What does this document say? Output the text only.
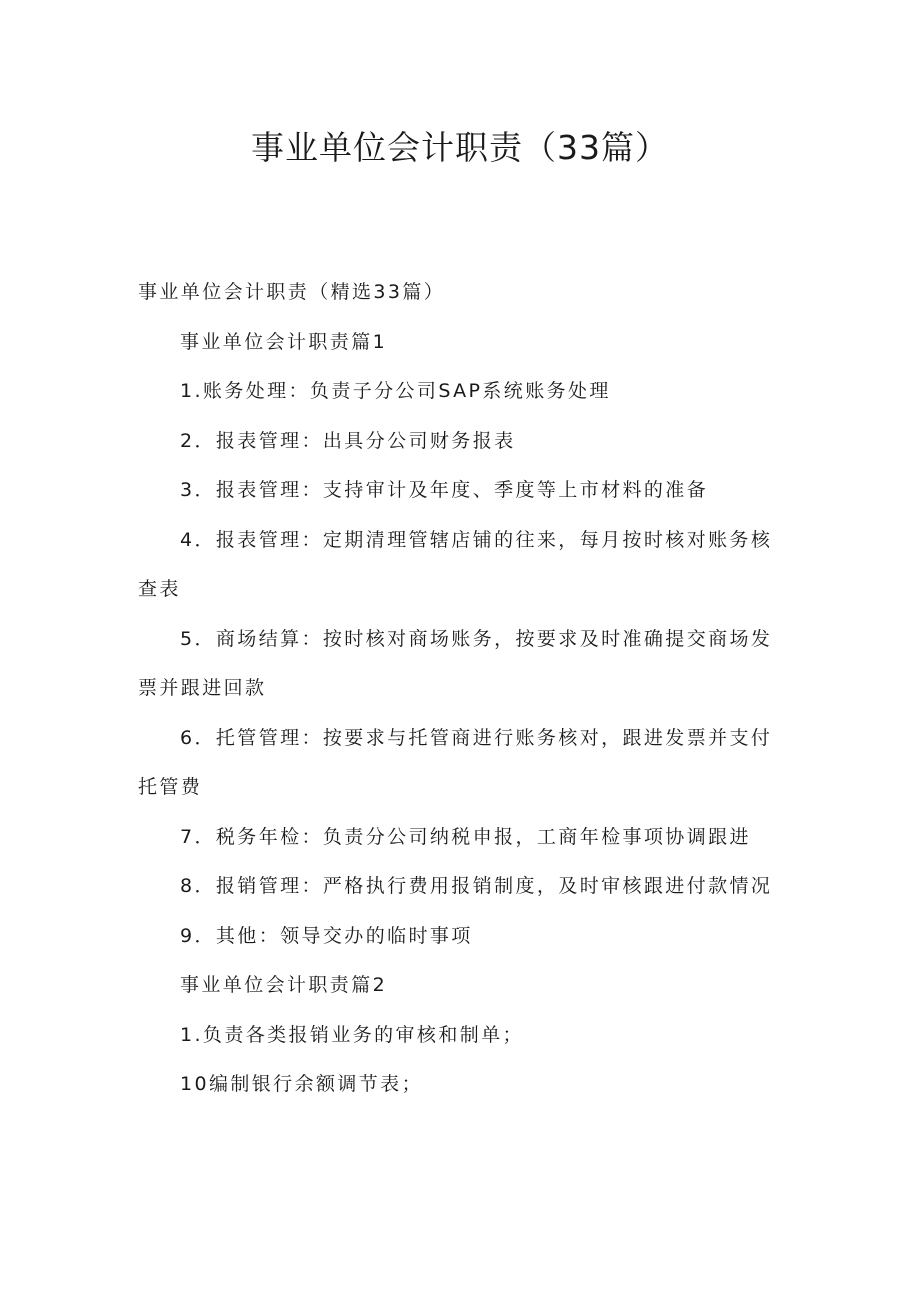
事业单位会计职责（33篇）

事业单位会计职责（精选33篇）

事业单位会计职责篇1

1.账务处理：负责子分公司SAP系统账务处理

2．报表管理：出具分公司财务报表

3．报表管理：支持审计及年度、季度等上市材料的准备

4．报表管理：定期清理管辖店铺的往来，每月按时核对账务核查表

5．商场结算：按时核对商场账务，按要求及时准确提交商场发票并跟进回款

6．托管管理：按要求与托管商进行账务核对，跟进发票并支付托管费

7．税务年检：负责分公司纳税申报，工商年检事项协调跟进

8．报销管理：严格执行费用报销制度，及时审核跟进付款情况

9．其他：领导交办的临时事项

事业单位会计职责篇2

1.负责各类报销业务的审核和制单；

10编制银行余额调节表；
